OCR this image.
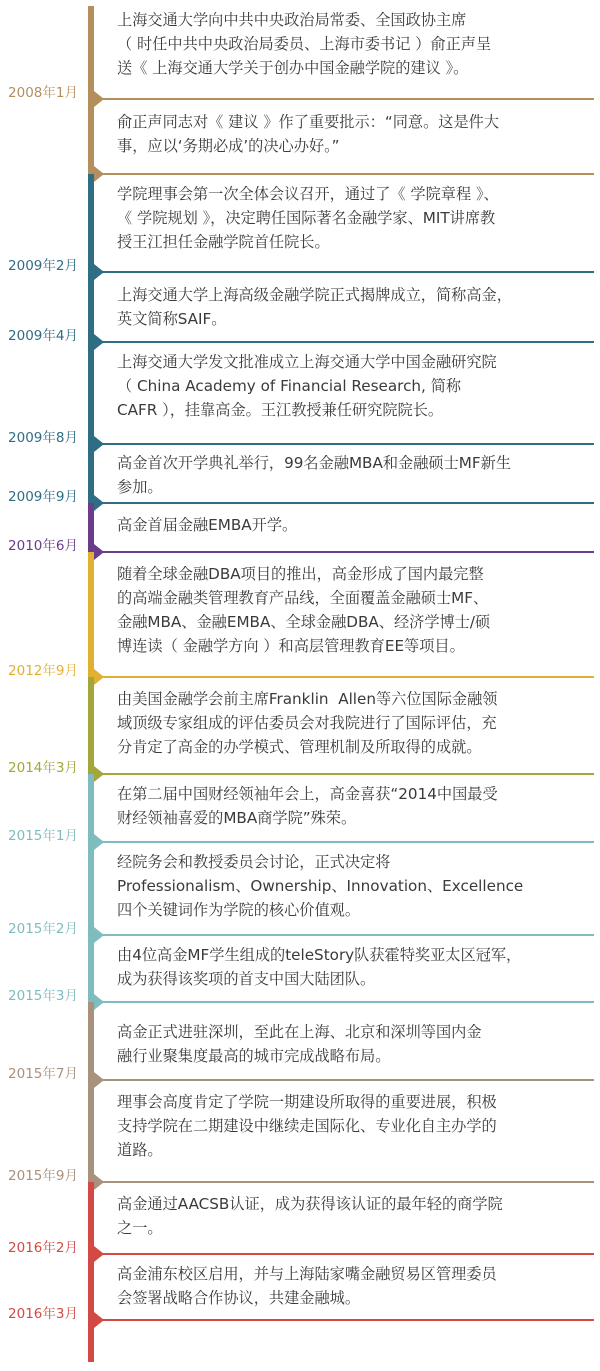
上海交通大学向中共中央政治局常委、全国政协主席
（ 时任中共中央政治局委员、上海市委书记 ）俞正声呈
送《 上海交通大学关于创办中国金融学院的建议 》。
2008年1月
俞正声同志对《 建议 》作了重要批示：“同意。这是件大
事，应以‘务期必成’的决心办好。”
学院理事会第一次全体会议召开，通过了《 学院章程 》、
《 学院规划 》，决定聘任国际著名金融学家、MIT讲席教
授王江担任金融学院首任院长。
2009年2月
上海交通大学上海高级金融学院正式揭牌成立，简称高金，
英文简称SAIF。
2009年4月
上海交通大学发文批准成立上海交通大学中国金融研究院
（ China Academy of Financial Research, 简称
CAFR ），挂靠高金。王江教授兼任研究院院长。
2009年8月
高金首次开学典礼举行，99名金融MBA和金融硕士MF新生
参加。
2009年9月
高金首届金融EMBA开学。
2010年6月
随着全球金融DBA项目的推出，高金形成了国内最完整
的高端金融类管理教育产品线，全面覆盖金融硕士MF、
金融MBA、金融EMBA、全球金融DBA、经济学博士/硕
博连读（ 金融学方向 ）和高层管理教育EE等项目。
2012年9月
由美国金融学会前主席Franklin  Allen等六位国际金融领
域顶级专家组成的评估委员会对我院进行了国际评估，充
分肯定了高金的办学模式、管理机制及所取得的成就。
2014年3月
在第二届中国财经领袖年会上，高金喜获“2014中国最受
财经领袖喜爱的MBA商学院”殊荣。
2015年1月
经院务会和教授委员会讨论，正式决定将
Professionalism、Ownership、Innovation、Excellence
四个关键词作为学院的核心价值观。
2015年2月
由4位高金MF学生组成的teleStory队获霍特奖亚太区冠军，
成为获得该奖项的首支中国大陆团队。
2015年3月
高金正式进驻深圳，至此在上海、北京和深圳等国内金
融行业聚集度最高的城市完成战略布局。
2015年7月
理事会高度肯定了学院一期建设所取得的重要进展，积极
支持学院在二期建设中继续走国际化、专业化自主办学的
道路。
2015年9月
高金通过AACSB认证，成为获得该认证的最年轻的商学院
之一。
2016年2月
高金浦东校区启用，并与上海陆家嘴金融贸易区管理委员
会签署战略合作协议，共建金融城。
2016年3月
